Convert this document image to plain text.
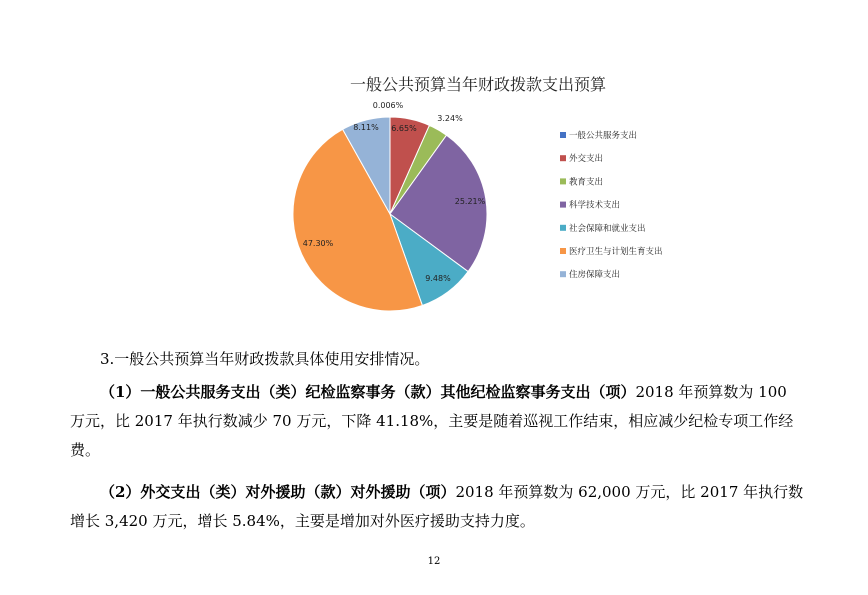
一般公共预算当年财政拨款支出预算
0.006%
6.65%
3.24%
25.21%
9.48%
47.30%
8.11%
一般公共服务支出
外交支出
教育支出
科学技术支出
社会保障和就业支出
医疗卫生与计划生育支出
住房保障支出
3.一般公共预算当年财政拨款具体使用安排情况。
（1）一般公共服务支出（类）纪检监察事务（款）其他纪检监察事务支出（项）2018 年预算数为 100 万元，比 2017 年执行数减少 70 万元，下降 41.18%，主要是随着巡视工作结束，相应减少纪检专项工作经费。
（2）外交支出（类）对外援助（款）对外援助（项）2018 年预算数为 62,000 万元，比 2017 年执行数增长 3,420 万元，增长 5.84%，主要是增加对外医疗援助支持力度。
12
